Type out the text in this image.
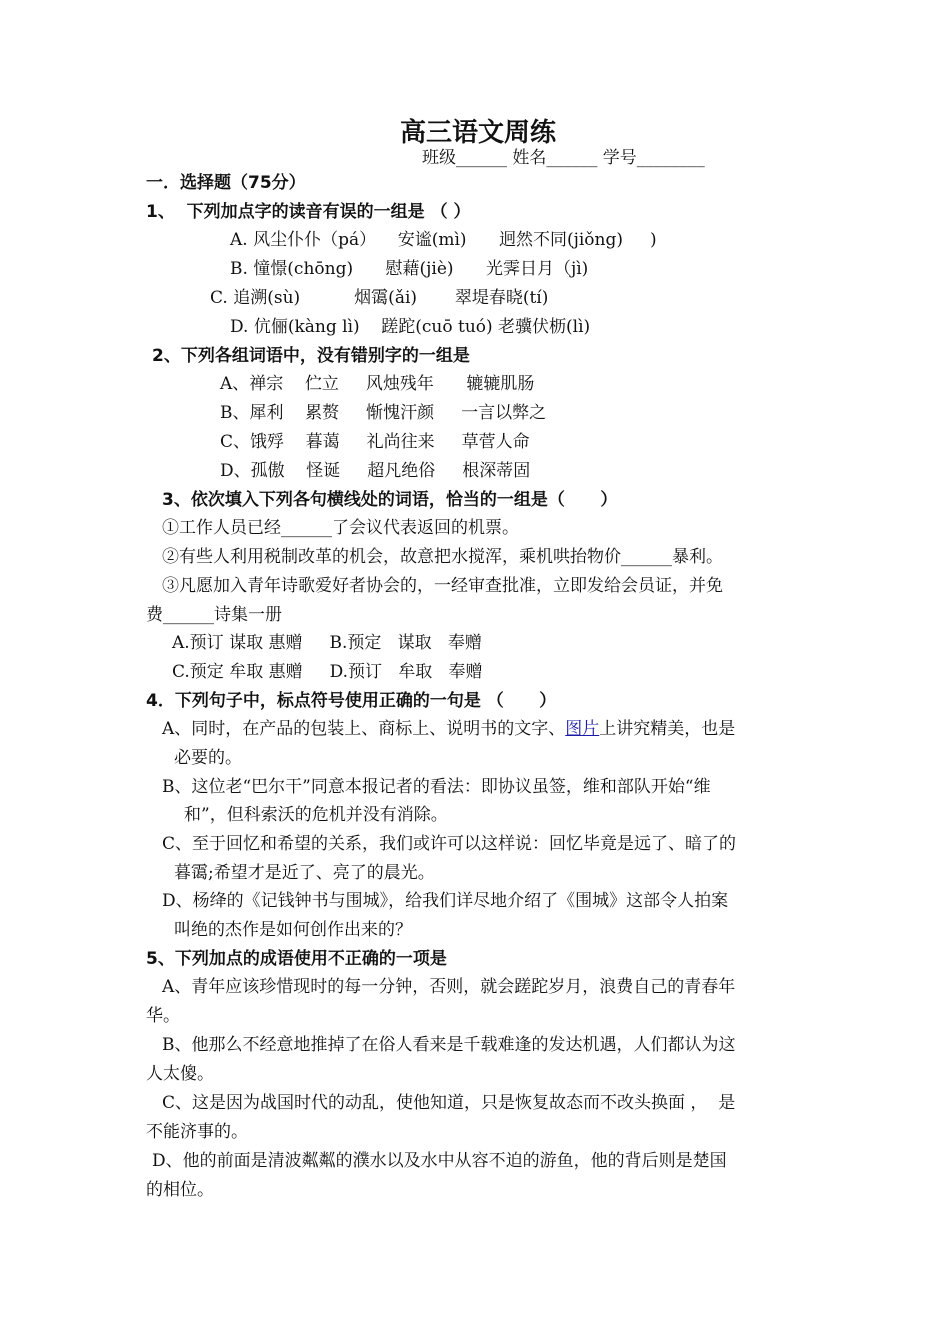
高三语文周练
班级______ 姓名______ 学号________
一．选择题（75分）
1、  下列加点字的读音有误的一组是 （ ）
A. 风尘仆仆（pá）    安谧(mì)      迥然不同(jiǒng)     )
B. 憧憬(chōng)      慰藉(jiè)      光霁日月（jì)
C. 追溯(sù)          烟霭(ǎi)       翠堤春晓(tí)
D. 伉俪(kàng lì)    蹉跎(cuō tuó) 老骥伏枥(lì)
2、下列各组词语中，没有错别字的一组是
A、禅宗    伫立     风烛残年      辘辘肌肠
B、犀利    累赘     惭愧汗颜     一言以弊之
C、饿殍    暮蔼     礼尚往来     草菅人命
D、孤傲    怪诞     超凡绝俗     根深蒂固
3、依次填入下列各句横线处的词语，恰当的一组是（      ）
①工作人员已经______了会议代表返回的机票。
②有些人利用税制改革的机会，故意把水搅浑，乘机哄抬物价______暴利。
③凡愿加入青年诗歌爱好者协会的，一经审查批准，立即发给会员证，并免
费______诗集一册
A.预订 谋取 惠赠     B.预定   谋取   奉赠
C.预定 牟取 惠赠     D.预订   牟取   奉赠
4．下列句子中，标点符号使用正确的一句是 （      ）
A、同时，在产品的包装上、商标上、说明书的文字、图片上讲究精美，也是
必要的。
B、这位老“巴尔干”同意本报记者的看法：即协议虽签，维和部队开始“维
和”，但科索沃的危机并没有消除。
C、至于回忆和希望的关系，我们或许可以这样说：回忆毕竟是远了、暗了的
暮霭;希望才是近了、亮了的晨光。
D、杨绛的《记钱钟书与围城》，给我们详尽地介绍了《围城》这部令人拍案
叫绝的杰作是如何创作出来的？
5、下列加点的成语使用不正确的一项是
A、青年应该珍惜现时的每一分钟，否则，就会蹉跎岁月，浪费自己的青春年
华。
B、他那么不经意地推掉了在俗人看来是千载难逢的发达机遇，人们都认为这
人太傻。
C、这是因为战国时代的动乱，使他知道，只是恢复故态而不改头换面 ，  是
不能济事的。
D、他的前面是清波粼粼的濮水以及水中从容不迫的游鱼，他的背后则是楚国
的相位。
